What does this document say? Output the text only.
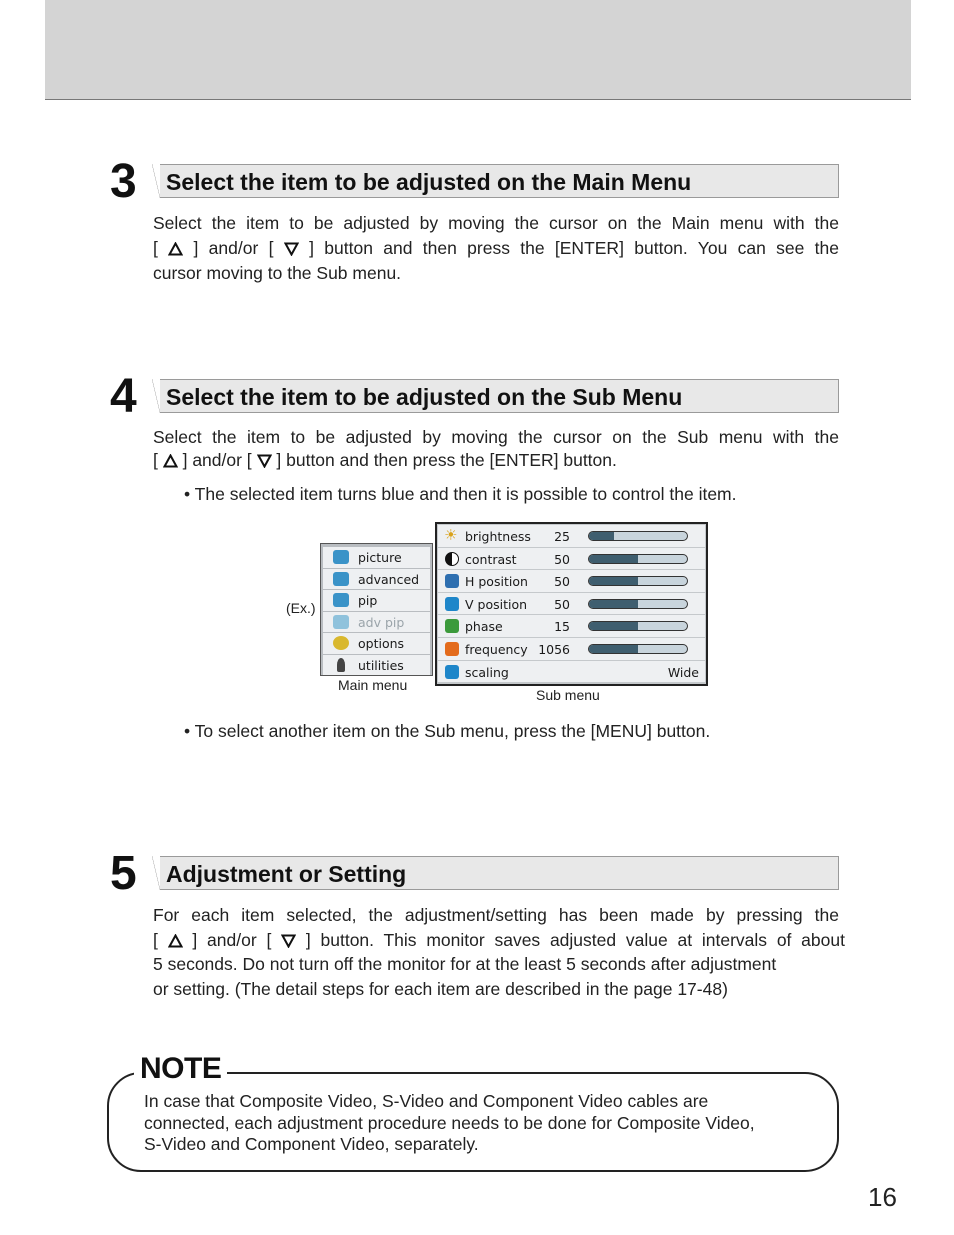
3 Select the item to be adjusted on the Main Menu
Select the item to be adjusted by moving the cursor on the Main menu with the
[  ] and/or [  ] button and then press the [ENTER] button. You can see the
cursor moving to the Sub menu.
4 Select the item to be adjusted on the Sub Menu
Select the item to be adjusted by moving the cursor on the Sub menu with the
[  ] and/or [  ] button and then press the [ENTER] button.
• The selected item turns blue and then it is possible to control the item.
(Ex.)
picture
advanced
pip
adv pip
options
utilities
☀
brightness	25
contrast	50
H position	50
V position	50
phase	15
frequency 1056
scaling	Wide
Main menu
Sub menu
• To select another item on the Sub menu, press the [MENU] button.
5 Adjustment or Setting
For each item selected, the adjustment/setting has been made by pressing the
[  ] and/or [  ] button. This monitor saves adjusted value at intervals of about
5 seconds. Do not turn off the monitor for at the least 5 seconds after adjustment
or setting. (The detail steps for each item are described in the page 17-48)
NOTE
In case that Composite Video, S-Video and Component Video cables are
connected, each adjustment procedure needs to be done for Composite Video,
S-Video and Component Video, separately.
16
